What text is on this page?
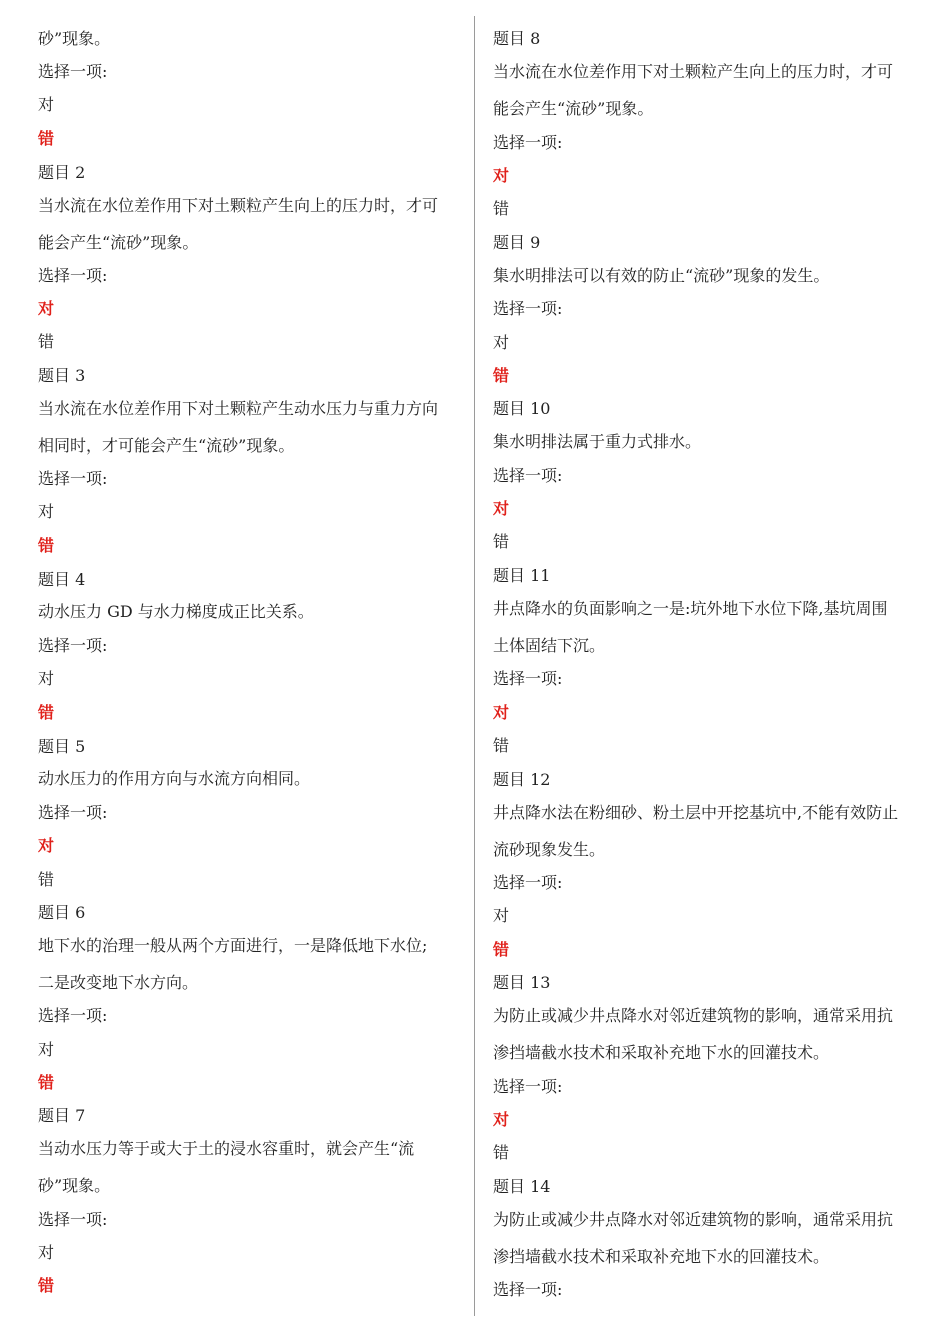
砂”现象。
选择一项:
对
错
题目 2
当水流在水位差作用下对土颗粒产生向上的压力时，才可
能会产生“流砂”现象。
选择一项:
对
错
题目 3
当水流在水位差作用下对土颗粒产生动水压力与重力方向
相同时，才可能会产生“流砂”现象。
选择一项:
对
错
题目 4
动水压力 GD 与水力梯度成正比关系。
选择一项:
对
错
题目 5
动水压力的作用方向与水流方向相同。
选择一项:
对
错
题目 6
地下水的治理一般从两个方面进行，一是降低地下水位;
二是改变地下水方向。
选择一项:
对
错
题目 7
当动水压力等于或大于土的浸水容重时，就会产生“流
砂”现象。
选择一项:
对
错
题目 8
当水流在水位差作用下对土颗粒产生向上的压力时，才可
能会产生“流砂”现象。
选择一项:
对
错
题目 9
集水明排法可以有效的防止“流砂”现象的发生。
选择一项:
对
错
题目 10
集水明排法属于重力式排水。
选择一项:
对
错
题目 11
井点降水的负面影响之一是:坑外地下水位下降,基坑周围
土体固结下沉。
选择一项:
对
错
题目 12
井点降水法在粉细砂、粉土层中开挖基坑中,不能有效防止
流砂现象发生。
选择一项:
对
错
题目 13
为防止或减少井点降水对邻近建筑物的影响，通常采用抗
渗挡墙截水技术和采取补充地下水的回灌技术。
选择一项:
对
错
题目 14
为防止或减少井点降水对邻近建筑物的影响，通常采用抗
渗挡墙截水技术和采取补充地下水的回灌技术。
选择一项:
